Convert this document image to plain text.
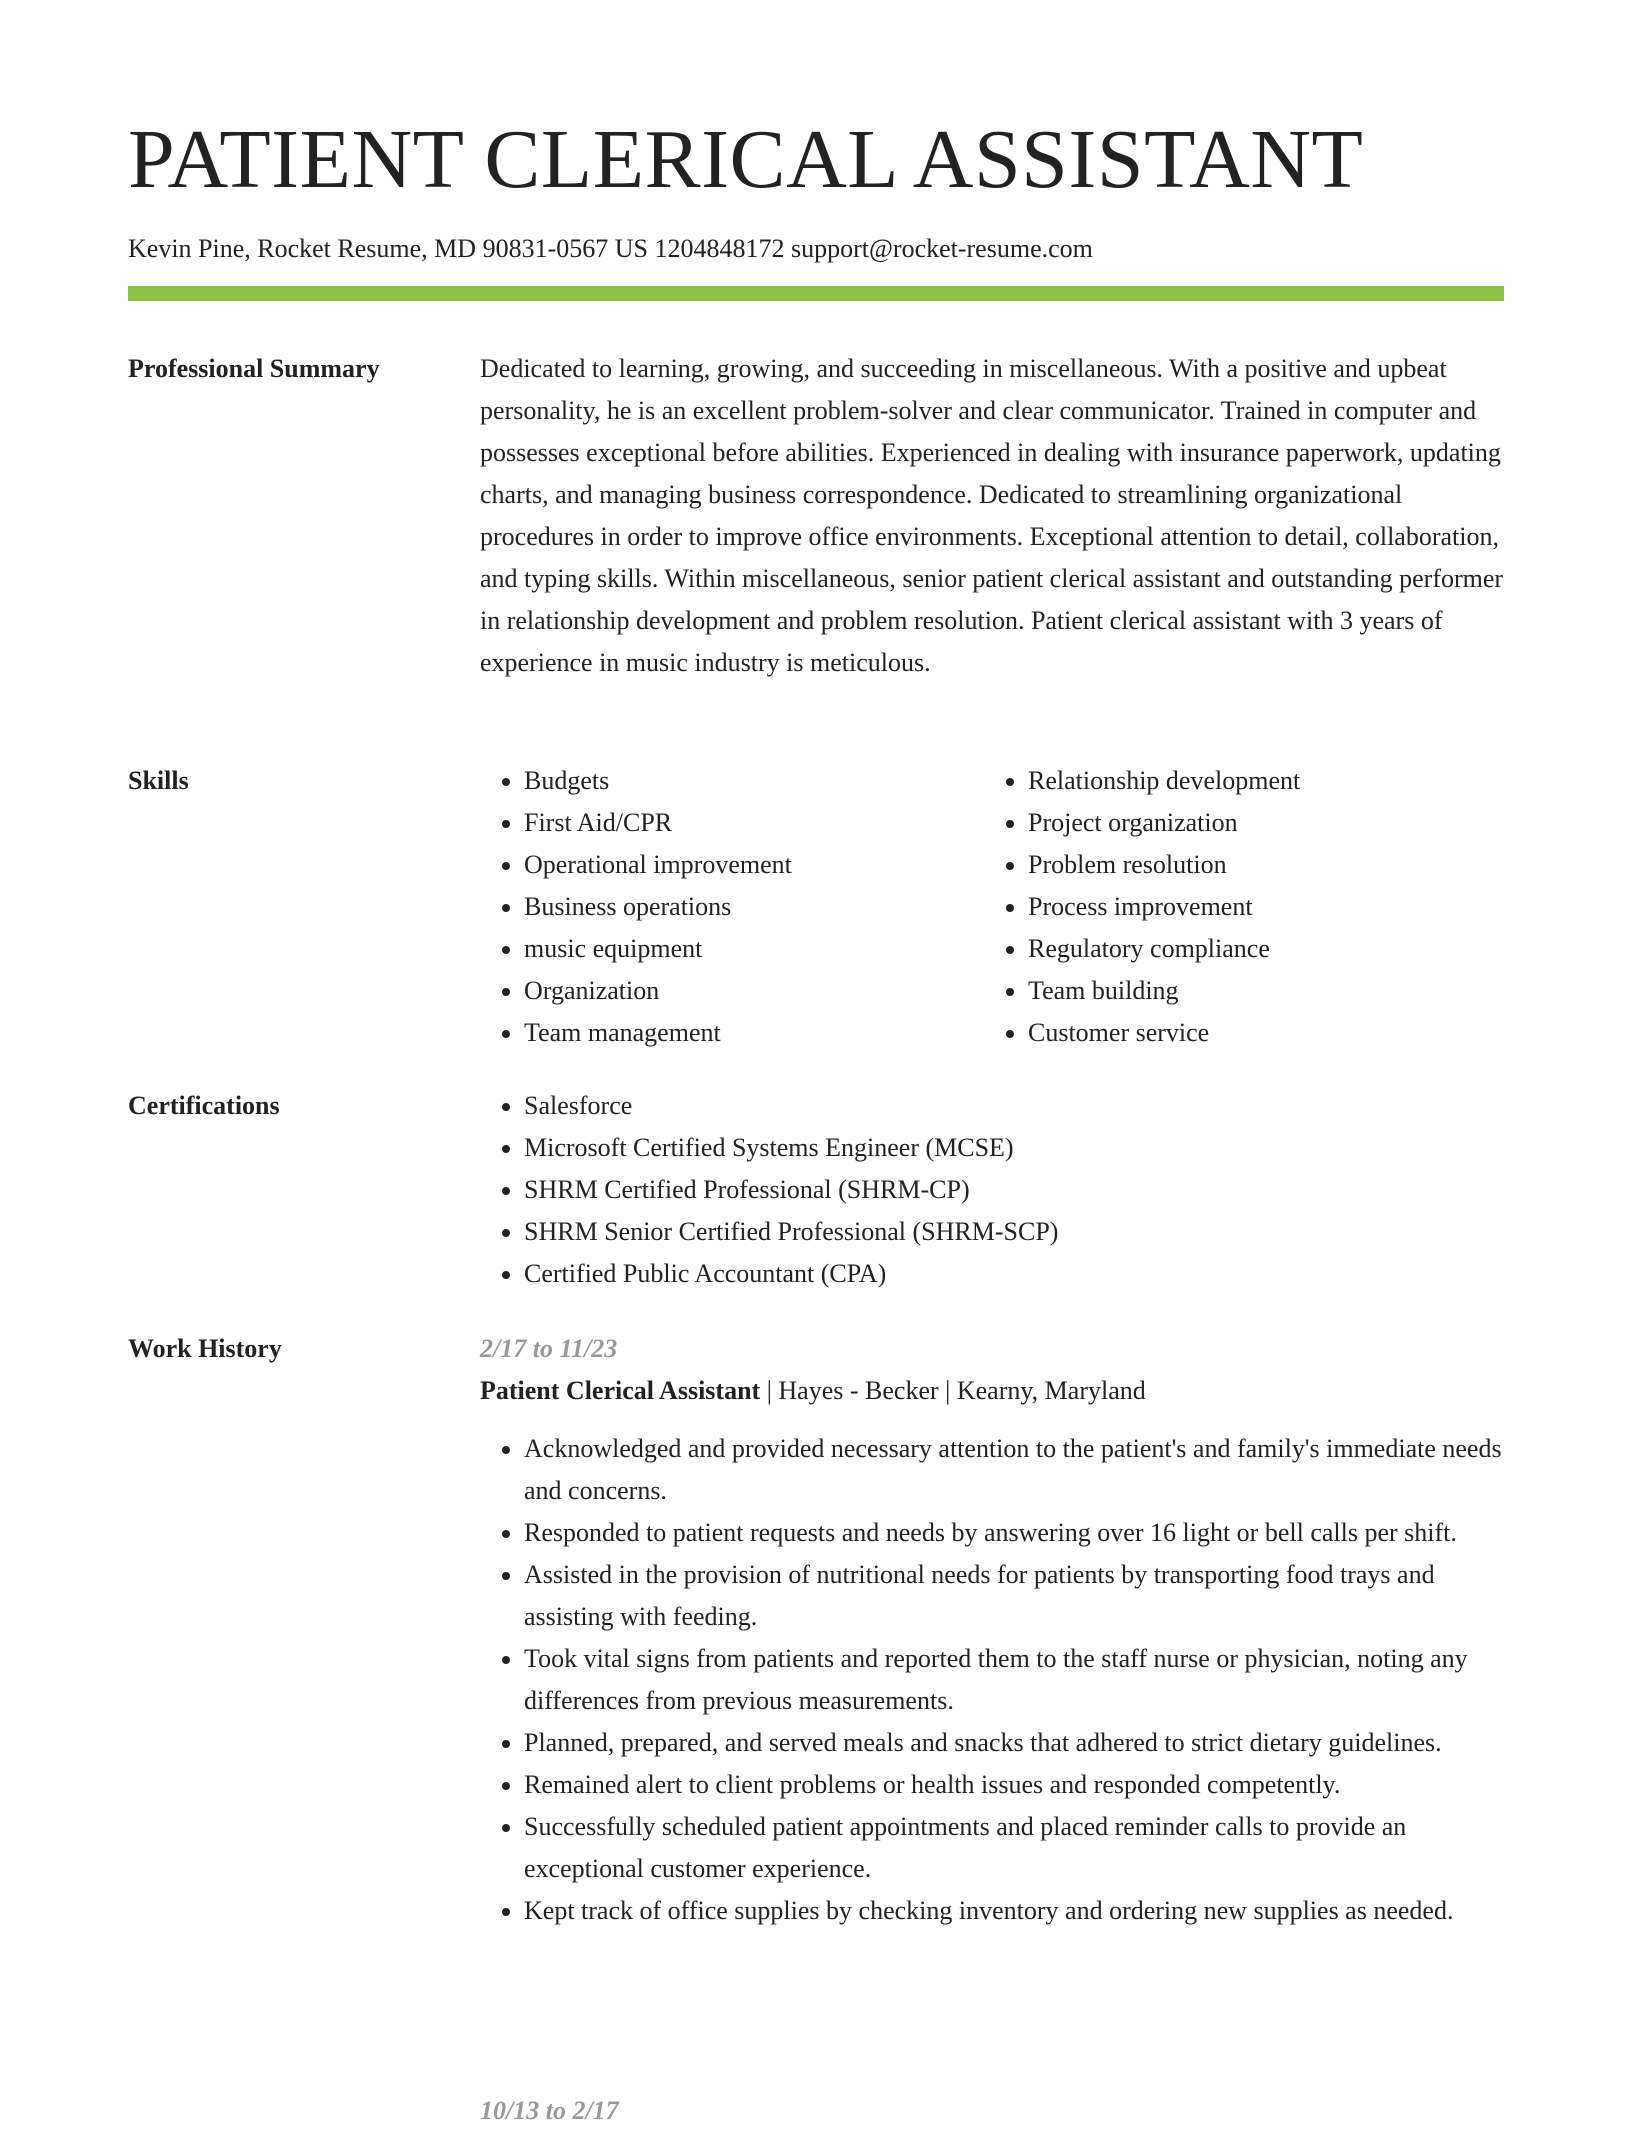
PATIENT CLERICAL ASSISTANT
Kevin Pine, Rocket Resume, MD 90831-0567 US 1204848172 support@rocket-resume.com
Professional Summary	Dedicated to learning, growing, and succeeding in miscellaneous. With a positive and upbeat personality, he is an excellent problem-solver and clear communicator. Trained in computer and possesses exceptional before abilities. Experienced in dealing with insurance paperwork, updating charts, and managing business correspondence. Dedicated to streamlining organizational procedures in order to improve office environments. Exceptional attention to detail, collaboration, and typing skills. Within miscellaneous, senior patient clerical assistant and outstanding performer in relationship development and problem resolution. Patient clerical assistant with 3 years of experience in music industry is meticulous.

Skills	• Budgets
• First Aid/CPR
• Operational improvement
• Business operations
• music equipment
• Organization
• Team management
• Relationship development
• Project organization
• Problem resolution
• Process improvement
• Regulatory compliance
• Team building
• Customer service
Certifications	• Salesforce
• Microsoft Certified Systems Engineer (MCSE)
• SHRM Certified Professional (SHRM-CP)
• SHRM Senior Certified Professional (SHRM-SCP)
• Certified Public Accountant (CPA)
Work History	2/17 to 11/23
Patient Clerical Assistant | Hayes - Becker | Kearny, Maryland
• Acknowledged and provided necessary attention to the patient's and family's immediate needs and concerns.
• Responded to patient requests and needs by answering over 16 light or bell calls per shift.
• Assisted in the provision of nutritional needs for patients by transporting food trays and assisting with feeding.
• Took vital signs from patients and reported them to the staff nurse or physician, noting any differences from previous measurements.
• Planned, prepared, and served meals and snacks that adhered to strict dietary guidelines.
• Remained alert to client problems or health issues and responded competently.
• Successfully scheduled patient appointments and placed reminder calls to provide an exceptional customer experience.
• Kept track of office supplies by checking inventory and ordering new supplies as needed.
10/13 to 2/17
